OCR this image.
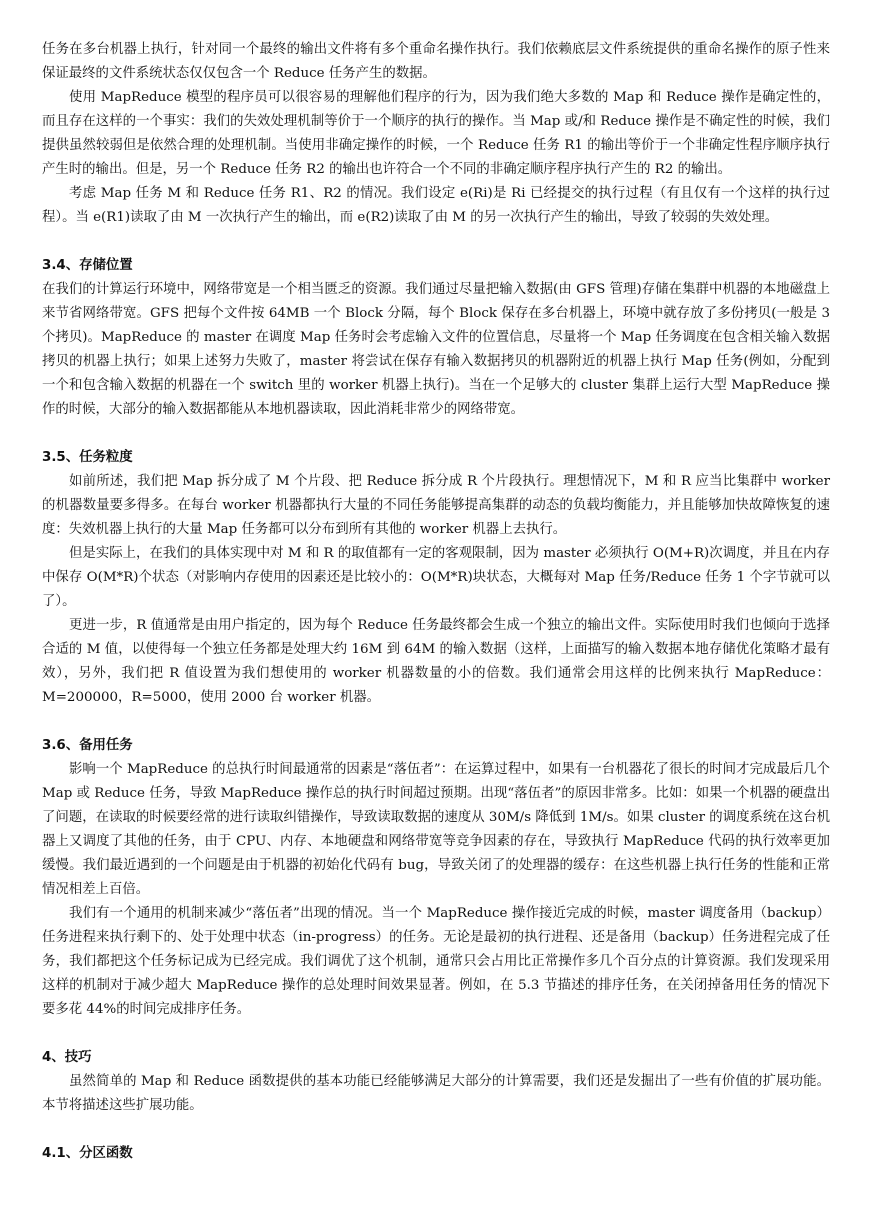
任务在多台机器上执行，针对同一个最终的输出文件将有多个重命名操作执行。我们依赖底层文件系统提供的重命名操作的原子性来保证最终的文件系统状态仅仅包含一个 Reduce 任务产生的数据。

使用 MapReduce 模型的程序员可以很容易的理解他们程序的行为，因为我们绝大多数的 Map 和 Reduce 操作是确定性的，而且存在这样的一个事实：我们的失效处理机制等价于一个顺序的执行的操作。当 Map 或/和 Reduce 操作是不确定性的时候，我们提供虽然较弱但是依然合理的处理机制。当使用非确定操作的时候，一个 Reduce 任务 R1 的输出等价于一个非确定性程序顺序执行产生时的输出。但是，另一个 Reduce 任务 R2 的输出也许符合一个不同的非确定顺序程序执行产生的 R2 的输出。

考虑 Map 任务 M 和 Reduce 任务 R1、R2 的情况。我们设定 e(Ri)是 Ri 已经提交的执行过程（有且仅有一个这样的执行过程）。当 e(R1)读取了由 M 一次执行产生的输出，而 e(R2)读取了由 M 的另一次执行产生的输出，导致了较弱的失效处理。

3.4、存储位置

在我们的计算运行环境中，网络带宽是一个相当匮乏的资源。我们通过尽量把输入数据(由 GFS 管理)存储在集群中机器的本地磁盘上来节省网络带宽。GFS 把每个文件按 64MB 一个 Block 分隔，每个 Block 保存在多台机器上，环境中就存放了多份拷贝(一般是 3 个拷贝)。MapReduce 的 master 在调度 Map 任务时会考虑输入文件的位置信息，尽量将一个 Map 任务调度在包含相关输入数据拷贝的机器上执行；如果上述努力失败了，master 将尝试在保存有输入数据拷贝的机器附近的机器上执行 Map 任务(例如，分配到一个和包含输入数据的机器在一个 switch 里的 worker 机器上执行)。当在一个足够大的 cluster 集群上运行大型 MapReduce 操作的时候，大部分的输入数据都能从本地机器读取，因此消耗非常少的网络带宽。

3.5、任务粒度

如前所述，我们把 Map 拆分成了 M 个片段、把 Reduce 拆分成 R 个片段执行。理想情况下，M 和 R 应当比集群中 worker 的机器数量要多得多。在每台 worker 机器都执行大量的不同任务能够提高集群的动态的负载均衡能力，并且能够加快故障恢复的速度：失效机器上执行的大量 Map 任务都可以分布到所有其他的 worker 机器上去执行。

但是实际上，在我们的具体实现中对 M 和 R 的取值都有一定的客观限制，因为 master 必须执行 O(M+R)次调度，并且在内存中保存 O(M*R)个状态（对影响内存使用的因素还是比较小的：O(M*R)块状态，大概每对 Map 任务/Reduce 任务 1 个字节就可以了）。

更进一步，R 值通常是由用户指定的，因为每个 Reduce 任务最终都会生成一个独立的输出文件。实际使用时我们也倾向于选择合适的 M 值，以使得每一个独立任务都是处理大约 16M 到 64M 的输入数据（这样，上面描写的输入数据本地存储优化策略才最有效），另外，我们把 R 值设置为我们想使用的 worker 机器数量的小的倍数。我们通常会用这样的比例来执行 MapReduce：M=200000，R=5000，使用 2000 台 worker 机器。

3.6、备用任务

影响一个 MapReduce 的总执行时间最通常的因素是“落伍者”：在运算过程中，如果有一台机器花了很长的时间才完成最后几个 Map 或 Reduce 任务，导致 MapReduce 操作总的执行时间超过预期。出现“落伍者”的原因非常多。比如：如果一个机器的硬盘出了问题，在读取的时候要经常的进行读取纠错操作，导致读取数据的速度从 30M/s 降低到 1M/s。如果 cluster 的调度系统在这台机器上又调度了其他的任务，由于 CPU、内存、本地硬盘和网络带宽等竞争因素的存在，导致执行 MapReduce 代码的执行效率更加缓慢。我们最近遇到的一个问题是由于机器的初始化代码有 bug，导致关闭了的处理器的缓存：在这些机器上执行任务的性能和正常情况相差上百倍。

我们有一个通用的机制来减少“落伍者”出现的情况。当一个 MapReduce 操作接近完成的时候，master 调度备用（backup）任务进程来执行剩下的、处于处理中状态（in-progress）的任务。无论是最初的执行进程、还是备用（backup）任务进程完成了任务，我们都把这个任务标记成为已经完成。我们调优了这个机制，通常只会占用比正常操作多几个百分点的计算资源。我们发现采用这样的机制对于减少超大 MapReduce 操作的总处理时间效果显著。例如，在 5.3 节描述的排序任务，在关闭掉备用任务的情况下要多花 44%的时间完成排序任务。

4、技巧

虽然简单的 Map 和 Reduce 函数提供的基本功能已经能够满足大部分的计算需要，我们还是发掘出了一些有价值的扩展功能。本节将描述这些扩展功能。

4.1、分区函数
